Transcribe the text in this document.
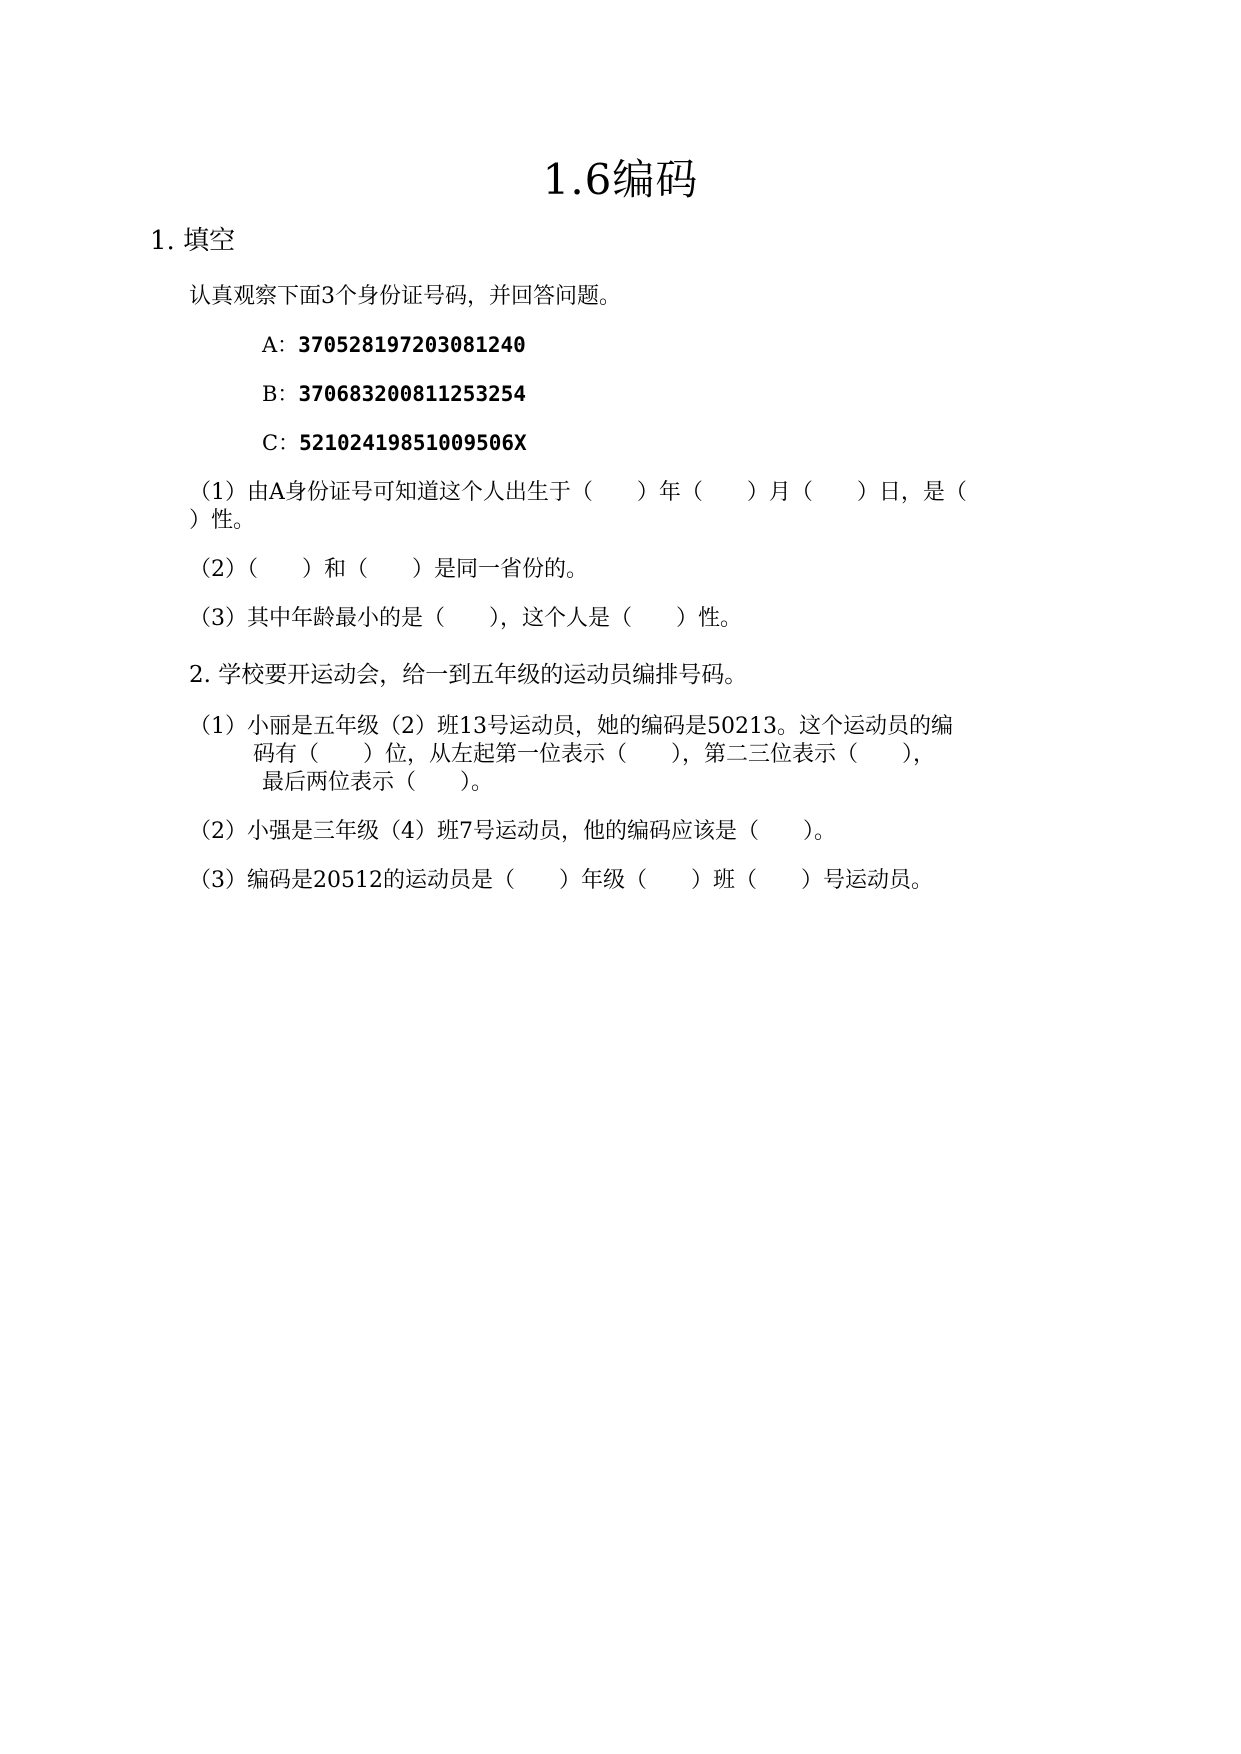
1.6编码
1. 填空
认真观察下面3个身份证号码，并回答问题。
A：370528197203081240
B：370683200811253254
C：52102419851009506X
（1）由A身份证号可知道这个人出生于（　　）年（　　）月（　　）日，是（
）性。
（2）（　　）和（　　）是同一省份的。
（3）其中年龄最小的是（　　），这个人是（　　）性。
2. 学校要开运动会，给一到五年级的运动员编排号码。
（1）小丽是五年级（2）班13号运动员，她的编码是50213。这个运动员的编
码有（　　）位，从左起第一位表示（　　），第二三位表示（　　），
最后两位表示（　　）。
（2）小强是三年级（4）班7号运动员，他的编码应该是（　　）。
（3）编码是20512的运动员是（　　）年级（　　）班（　　）号运动员。
